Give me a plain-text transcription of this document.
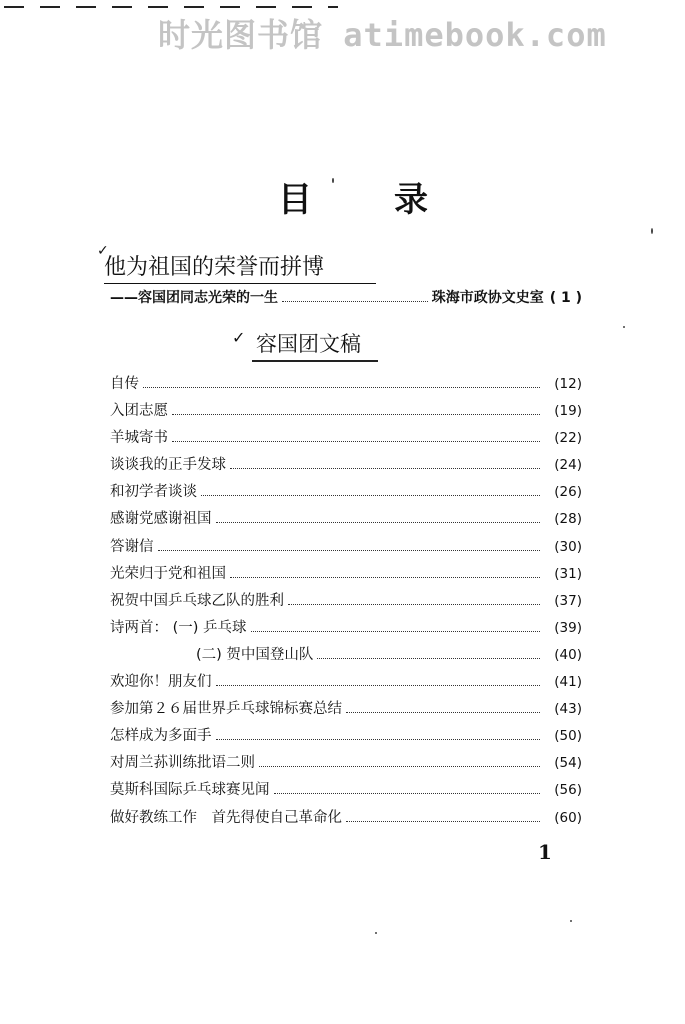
时光图书馆 atimebook.com
目 录
✓
他为祖国的荣誉而拼博
——容国团同志光荣的一生	珠海市政协文史室 ( 1 )
✓ 容国团文稿
自传	(12)
入团志愿	(19)
羊城寄书	(22)
谈谈我的正手发球	(24)
和初学者谈谈	(26)
感谢党感谢祖国	(28)
答谢信	(30)
光荣归于党和祖国	(31)
祝贺中国乒乓球乙队的胜利	(37)
诗两首： (一) 乒乓球	(39)
(二) 贺中国登山队	(40)
欢迎你！朋友们	(41)
参加第２６届世界乒乓球锦标赛总结	(43)
怎样成为多面手	(50)
对周兰荪训练批语二则	(54)
莫斯科国际乒乓球赛见闻	(56)
做好教练工作　首先得使自己革命化	(60)
1
